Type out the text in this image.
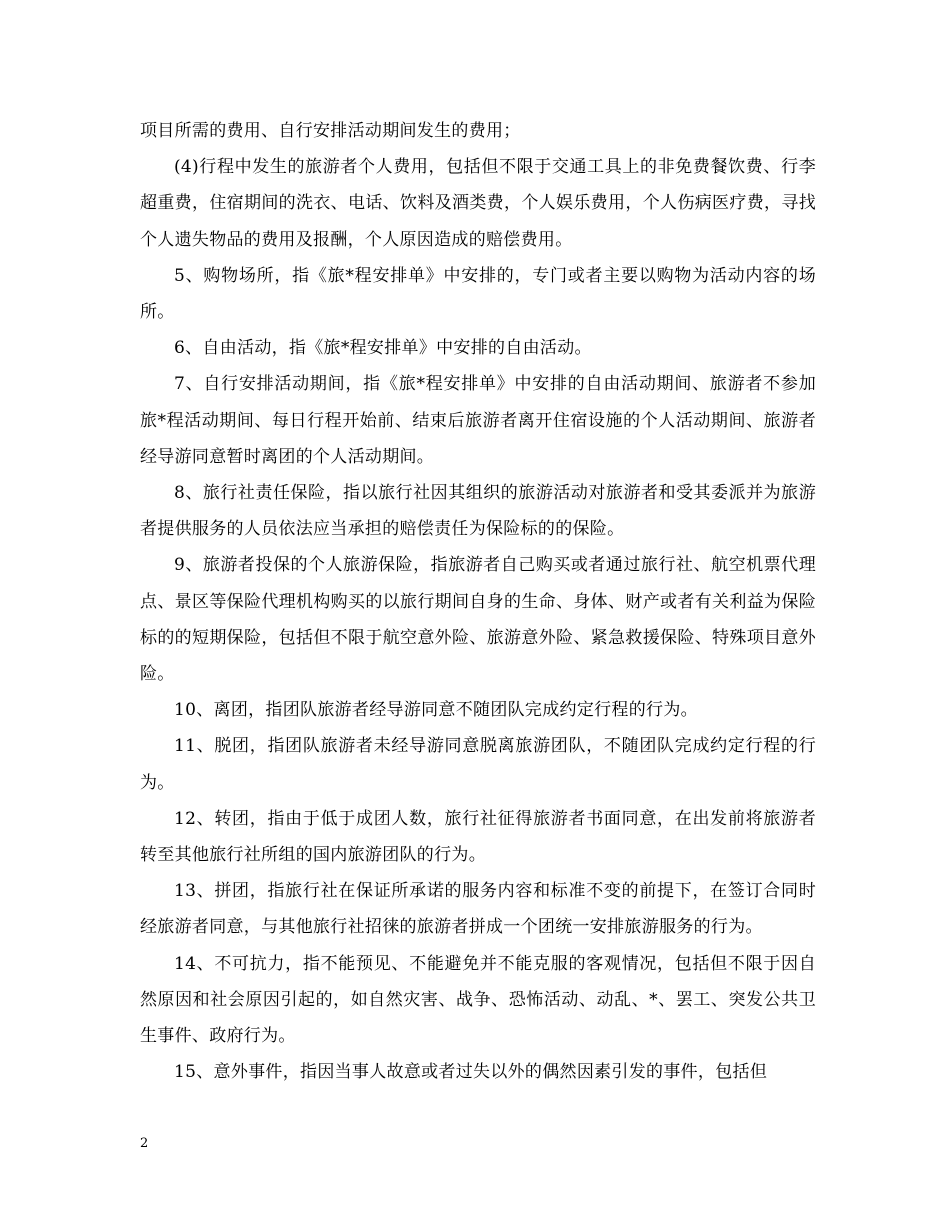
项目所需的费用、自行安排活动期间发生的费用；

(4)行程中发生的旅游者个人费用，包括但不限于交通工具上的非免费餐饮费、行李超重费，住宿期间的洗衣、电话、饮料及酒类费，个人娱乐费用，个人伤病医疗费，寻找个人遗失物品的费用及报酬，个人原因造成的赔偿费用。

5、购物场所，指《旅*程安排单》中安排的，专门或者主要以购物为活动内容的场所。

6、自由活动，指《旅*程安排单》中安排的自由活动。

7、自行安排活动期间，指《旅*程安排单》中安排的自由活动期间、旅游者不参加旅*程活动期间、每日行程开始前、结束后旅游者离开住宿设施的个人活动期间、旅游者经导游同意暂时离团的个人活动期间。

8、旅行社责任保险，指以旅行社因其组织的旅游活动对旅游者和受其委派并为旅游者提供服务的人员依法应当承担的赔偿责任为保险标的的保险。

9、旅游者投保的个人旅游保险，指旅游者自己购买或者通过旅行社、航空机票代理点、景区等保险代理机构购买的以旅行期间自身的生命、身体、财产或者有关利益为保险标的的短期保险，包括但不限于航空意外险、旅游意外险、紧急救援保险、特殊项目意外险。

10、离团，指团队旅游者经导游同意不随团队完成约定行程的行为。

11、脱团，指团队旅游者未经导游同意脱离旅游团队，不随团队完成约定行程的行为。

12、转团，指由于低于成团人数，旅行社征得旅游者书面同意，在出发前将旅游者转至其他旅行社所组的国内旅游团队的行为。

13、拼团，指旅行社在保证所承诺的服务内容和标准不变的前提下，在签订合同时经旅游者同意，与其他旅行社招徕的旅游者拼成一个团统一安排旅游服务的行为。

14、不可抗力，指不能预见、不能避免并不能克服的客观情况，包括但不限于因自然原因和社会原因引起的，如自然灾害、战争、恐怖活动、动乱、*、罢工、突发公共卫生事件、政府行为。

15、意外事件，指因当事人故意或者过失以外的偶然因素引发的事件，包括但

2
